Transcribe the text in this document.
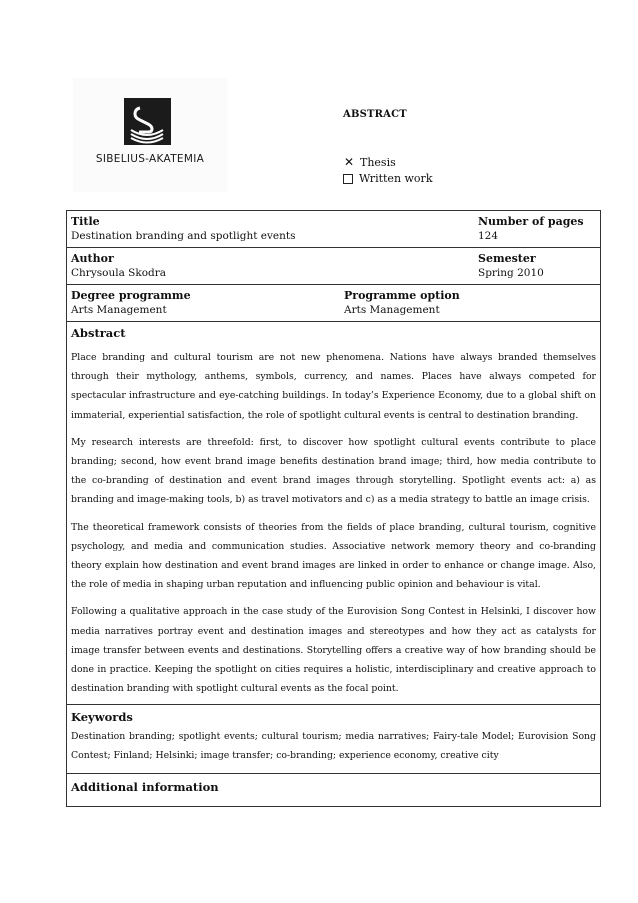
SIBELIUS-AKATEMIA
ABSTRACT
✕ Thesis
Written work
Title
Destination branding and spotlight events
Number of pages
124

Author
Chrysoula Skodra
Semester
Spring 2010

Degree programme
Arts Management
Programme option
Arts Management

Abstract

Place branding and cultural tourism are not new phenomena. Nations have always branded themselves through their mythology, anthems, symbols, currency, and names. Places have always competed for spectacular infrastructure and eye-catching buildings. In today’s Experience Economy, due to a global shift on immaterial, experiential satisfaction, the role of spotlight cultural events is central to destination branding.

My research interests are threefold: first, to discover how spotlight cultural events contribute to place branding; second, how event brand image benefits destination brand image; third, how media contribute to the co-branding of destination and event brand images through storytelling. Spotlight events act: a) as branding and image-making tools, b) as travel motivators and c) as a media strategy to battle an image crisis.

The theoretical framework consists of theories from the fields of place branding, cultural tourism, cognitive psychology, and media and communication studies. Associative network memory theory and co-branding theory explain how destination and event brand images are linked in order to enhance or change image. Also, the role of media in shaping urban reputation and influencing public opinion and behaviour is vital.

Following a qualitative approach in the case study of the Eurovision Song Contest in Helsinki, I discover how media narratives portray event and destination images and stereotypes and how they act as catalysts for image transfer between events and destinations. Storytelling offers a creative way of how branding should be done in practice. Keeping the spotlight on cities requires a holistic, interdisciplinary and creative approach to destination branding with spotlight cultural events as the focal point.

Keywords
Destination branding; spotlight events; cultural tourism; media narratives; Fairy-tale Model; Eurovision Song Contest; Finland; Helsinki; image transfer; co-branding; experience economy, creative city

Additional information
